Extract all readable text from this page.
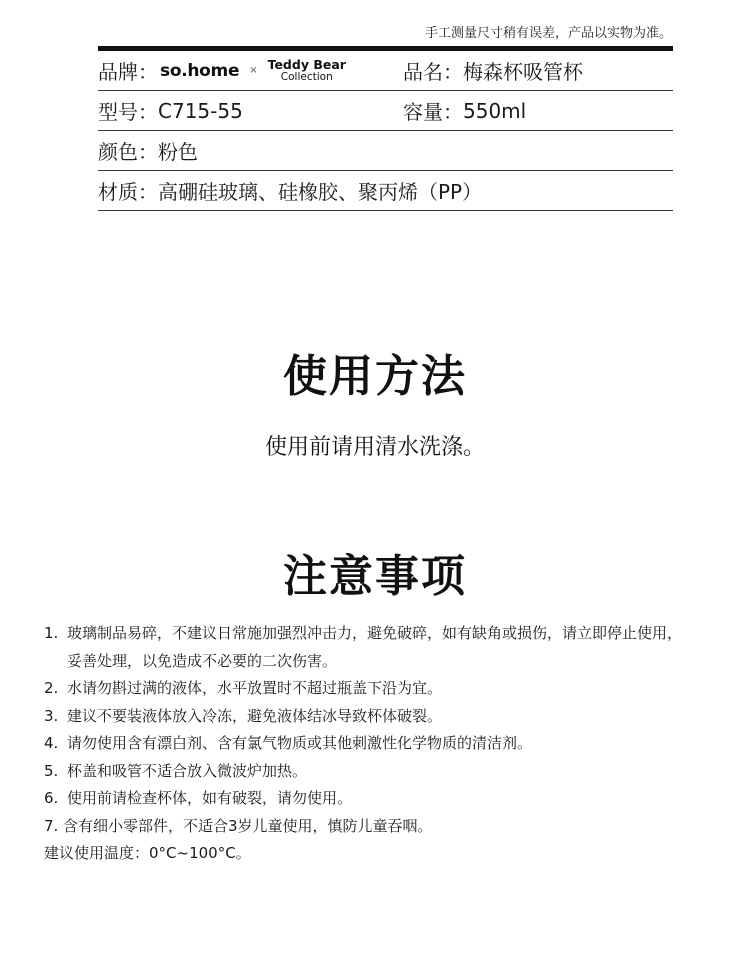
手工测量尺寸稍有误差，产品以实物为准。
品牌： so.home × Teddy Bear
Collection	品名： 梅森杯吸管杯
型号： C715-55	容量： 550ml
颜色： 粉色
材质： 高硼硅玻璃、硅橡胶、聚丙烯（PP）
使用方法
使用前请用清水洗涤。
注意事项
1. 玻璃制品易碎，不建议日常施加强烈冲击力，避免破碎，如有缺角或损伤，请立即停止使用，妥善处理，以免造成不必要的二次伤害。
2. 水请勿斟过满的液体，水平放置时不超过瓶盖下沿为宜。
3. 建议不要装液体放入冷冻，避免液体结冰导致杯体破裂。
4. 请勿使用含有漂白剂、含有氯气物质或其他刺激性化学物质的清洁剂。
5. 杯盖和吸管不适合放入微波炉加热。
6. 使用前请检查杯体，如有破裂，请勿使用。
7. 含有细小零部件，不适合3岁儿童使用，慎防儿童吞咽。
建议使用温度：0°C~100°C。
